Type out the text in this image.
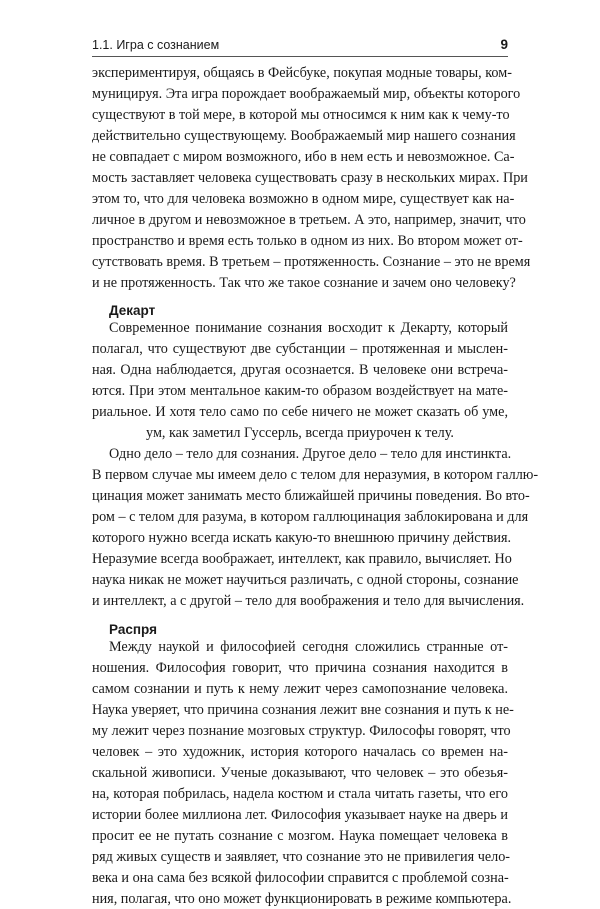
1.1. Игра с сознанием	9
экспериментируя, общаясь в Фейсбуке, покупая модные товары, ком-
муницируя. Эта игра порождает воображаемый мир, объекты которого
существуют в той мере, в которой мы относимся к ним как к чему-то
действительно существующему. Воображаемый мир нашего сознания
не совпадает с миром возможного, ибо в нем есть и невозможное. Са-
мость заставляет человека существовать сразу в нескольких мирах. При
этом то, что для человека возможно в одном мире, существует как на-
личное в другом и невозможное в третьем. А это, например, значит, что
пространство и время есть только в одном из них. Во втором может от-
сутствовать время. В третьем – протяженность. Сознание – это не время
и не протяженность. Так что же такое сознание и зачем оно человеку?
Декарт
Современное понимание сознания восходит к Декарту, который
полагал, что существуют две субстанции – протяженная и мыслен-
ная. Одна наблюдается, другая осознается. В человеке они встреча-
ются. При этом ментальное каким-то образом воздействует на мате-
риальное. И хотя тело само по себе ничего не может сказать об уме,
ум, как заметил Гуссерль, всегда приурочен к телу.
Одно дело – тело для сознания. Другое дело – тело для инстинкта.
В первом случае мы имеем дело с телом для неразумия, в котором галлю-
цинация может занимать место ближайшей причины поведения. Во вто-
ром – с телом для разума, в котором галлюцинация заблокирована и для
которого нужно всегда искать какую-то внешнюю причину действия.
Неразумие всегда воображает, интеллект, как правило, вычисляет. Но
наука никак не может научиться различать, с одной стороны, сознание
и интеллект, а с другой – тело для воображения и тело для вычисления.
Распря
Между наукой и философией сегодня сложились странные от-
ношения. Философия говорит, что причина сознания находится в
самом сознании и путь к нему лежит через самопознание человека.
Наука уверяет, что причина сознания лежит вне сознания и путь к не-
му лежит через познание мозговых структур. Философы говорят, что
человек – это художник, история которого началась со времен на-
скальной живописи. Ученые доказывают, что человек – это обезья-
на, которая побрилась, надела костюм и стала читать газеты, что его
истории более миллиона лет. Философия указывает науке на дверь и
просит ее не путать сознание с мозгом. Наука помещает человека в
ряд живых существ и заявляет, что сознание это не привилегия чело-
века и она сама без всякой философии справится с проблемой созна-
ния, полагая, что оно может функционировать в режиме компьютера.
